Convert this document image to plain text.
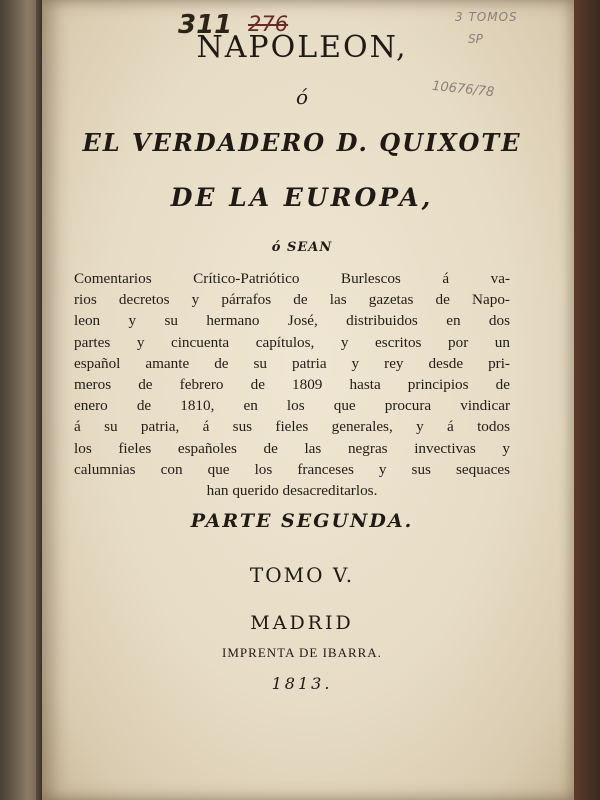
311 276	3 TOMOS
SP
10676/78
NAPOLEON,
ó
EL VERDADERO D. QUIXOTE
DE LA EUROPA,
ó SEAN
PARTE SEGUNDA.
TOMO V.
MADRID
IMPRENTA DE IBARRA.
1813.
Comentarios Crítico-Patriótico Burlescos á va-
rios decretos y párrafos de las gazetas de Napo-
leon y su hermano José, distribuidos en dos
partes y cincuenta capítulos, y escritos por un
español amante de su patria y rey desde pri-
meros de febrero de 1809 hasta principios de
enero de 1810, en los que procura vindicar
á su patria, á sus fieles generales, y á todos
los fieles españoles de las negras invectivas y
calumnias con que los franceses y sus sequaces
han querido desacreditarlos.
